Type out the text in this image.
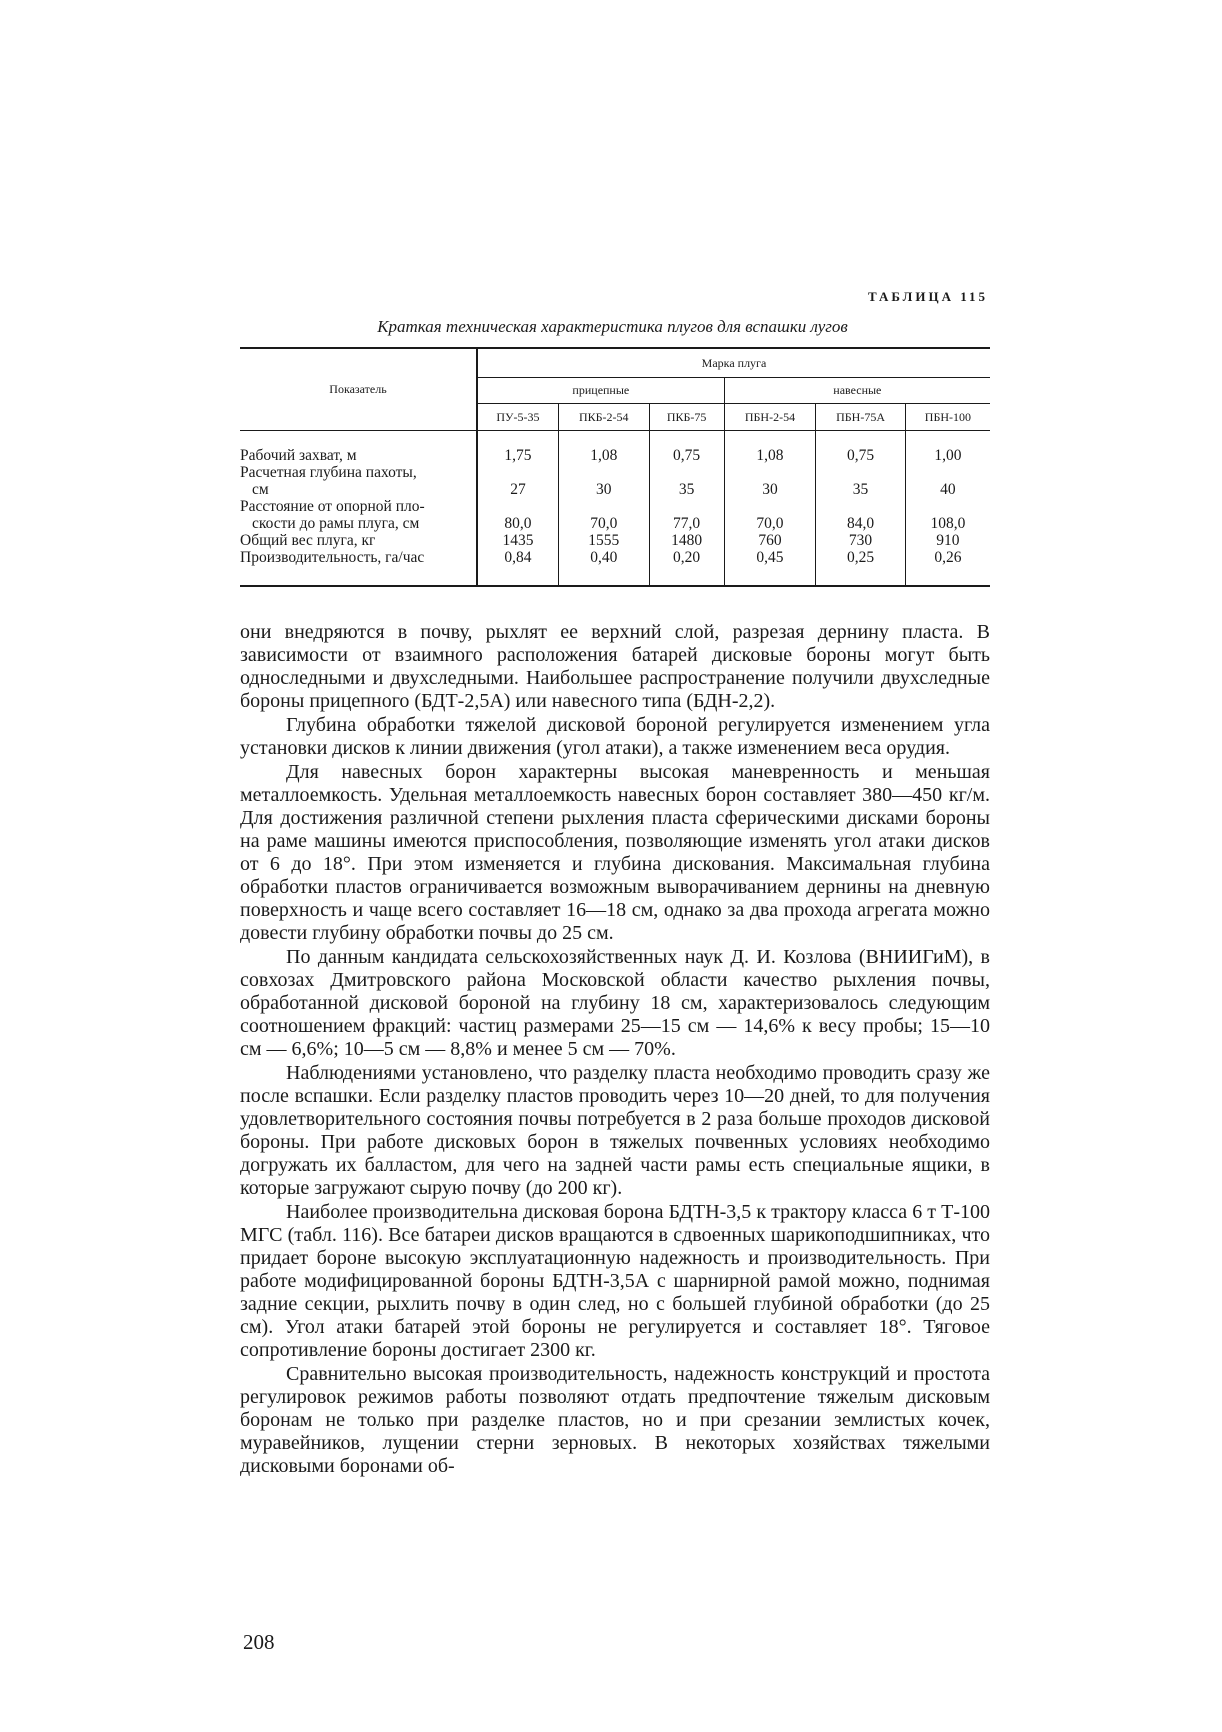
ТАБЛИЦА 115
Краткая техническая характеристика плугов для вспашки лугов
Показатель	Марка плуга					
	прицепные			навесные		
	ПУ-5-35	ПКБ-2-54	ПКБ-75	ПБН-2-54	ПБН-75А	ПБН-100

Рабочий захват, м	1,75	1,08	0,75	1,08	0,75	1,00
Расчетная глубина пахоты,

см	27	30	35	30	35	40
Расстояние от опорной пло-

скости до рамы плуга, см	80,0	70,0	77,0	70,0	84,0	108,0
Общий вес плуга, кг	1435	1555	1480	760	730	910
Производительность, га/час	0,84	0,40	0,20	0,45	0,25	0,26

они внедряются в почву, рыхлят ее верхний слой, разрезая дернину пласта. В зависимости от взаимного расположения батарей дисковые бороны могут быть однoследными и двухследными. Наибольшее распространение получили двухследные бороны прицепного (БДТ-2,5А) или навесного типа (БДН-2,2).

Глубина обработки тяжелой дисковой бороной регулируется изменением угла установки дисков к линии движения (угол атаки), а также изменением веса орудия.

Для навесных борон характерны высокая маневренность и меньшая металлоемкость. Удельная металлоемкость навесных борон составляет 380—450 кг/м. Для достижения различной степени рыхления пласта сферическими дисками бороны на раме машины имеются приспособления, позволяющие изменять угол атаки дисков от 6 до 18°. При этом изменяется и глубина дискования. Максимальная глубина обработки пластов ограничивается возможным выворачиванием дернины на дневную поверхность и чаще всего составляет 16—18 см, однако за два прохода агрегата можно довести глубину обработки почвы до 25 см.

По данным кандидата сельскохозяйственных наук Д. И. Козлова (ВНИИГиМ), в совхозах Дмитровского района Московской области качество рыхления почвы, обработанной дисковой бороной на глубину 18 см, характеризовалось следующим соотношением фракций: частиц размерами 25—15 см — 14,6% к весу пробы; 15—10 см — 6,6%; 10—5 см — 8,8% и менее 5 см — 70%.

Наблюдениями установлено, что разделку пласта необходимо проводить сразу же после вспашки. Если разделку пластов проводить через 10—20 дней, то для получения удовлетворительного состояния почвы потребуется в 2 раза больше проходов дисковой бороны. При работе дисковых борон в тяжелых почвенных условиях необходимо догружать их балластом, для чего на задней части рамы есть специальные ящики, в которые загружают сырую почву (до 200 кг).

Наиболее производительна дисковая борона БДТН-3,5 к трактору класса 6 т Т-100 МГС (табл. 116). Все батареи дисков вращаются в сдвоенных шарикоподшипниках, что придает бороне высокую эксплуатационную надежность и производительность. При работе модифицированной бороны БДТН-3,5А с шарнирной рамой можно, поднимая задние секции, рыхлить почву в один след, но с большей глубиной обработки (до 25 см). Угол атаки батарей этой бороны не регулируется и составляет 18°. Тяговое сопротивление бороны достигает 2300 кг.

Сравнительно высокая производительность, надежность конструкций и простота регулировок режимов работы позволяют отдать предпочтение тяжелым дисковым боронам не только при разделке пластов, но и при срезании землистых кочек, муравейников, лущении стерни зерновых. В некоторых хозяйствах тяжелыми дисковыми боронами об-

208
